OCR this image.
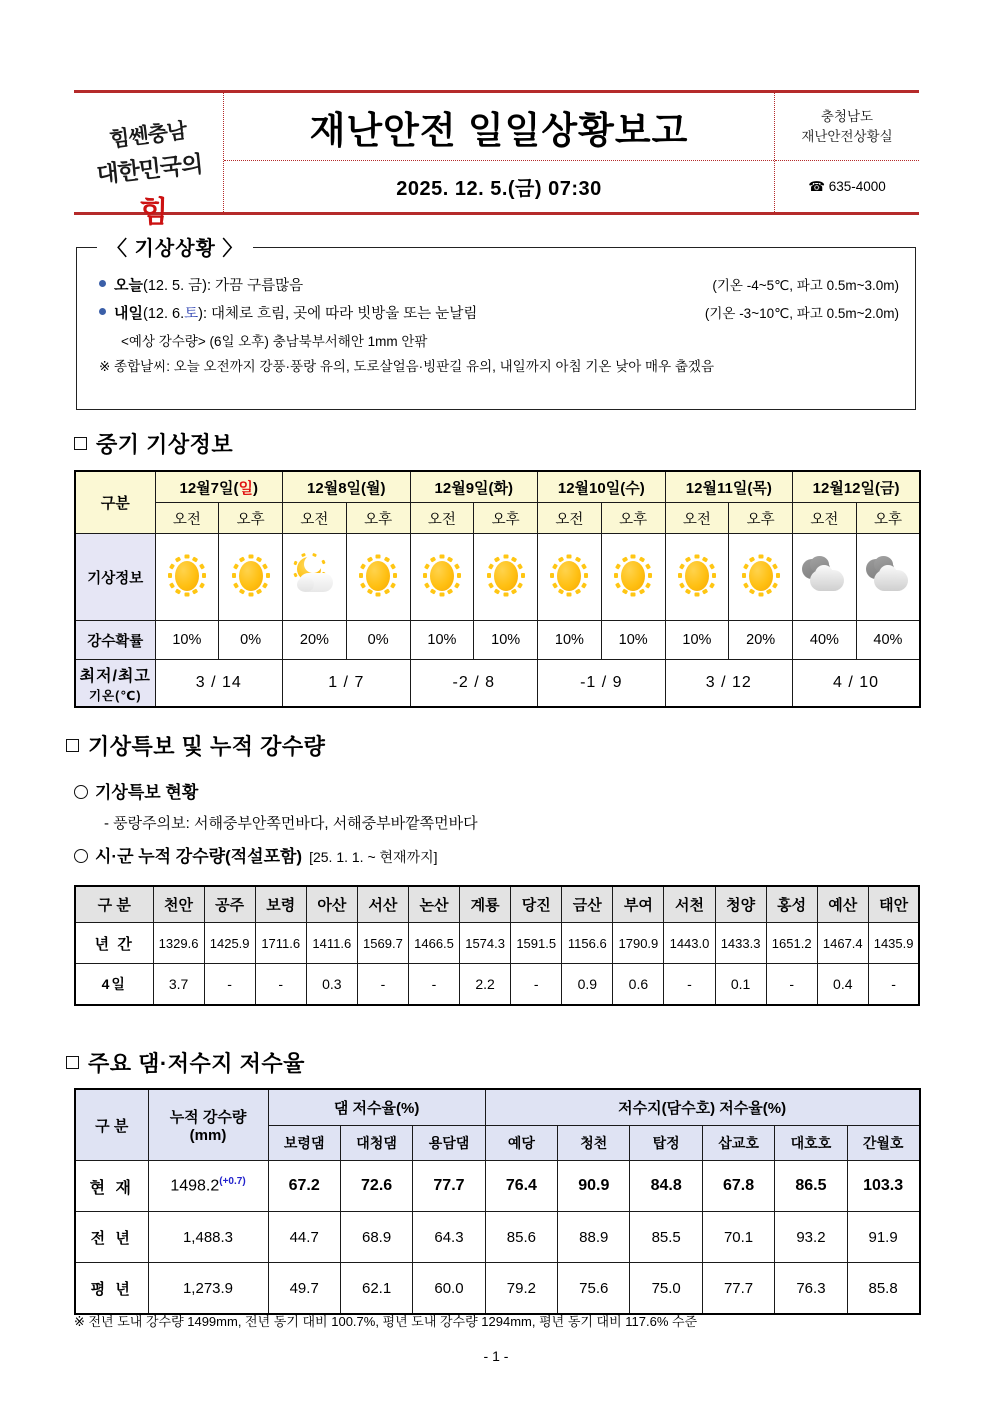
힘쎈충남
대한민국의힘
재난안전 일일상황보고
2025. 12. 5.(금) 07:30
충청남도
재난안전상황실
☎ 635-4000
〈 기상상황 〉
오늘 (12. 5. 금) : 가끔 구름많음	(기온 -4~5℃, 파고 0.5m~3.0m)
내일 (12. 6. 토 ) : 대체로 흐림, 곳에 따라 빗방울 또는 눈날림	(기온 -3~10℃, 파고 0.5m~2.0m)
<예상 강수량> (6일 오후) 충남북부서해안 1mm 안팎
※ 종합날씨: 오늘 오전까지 강풍·풍랑 유의, 도로살얼음·빙판길 유의, 내일까지 아침 기온 낮아 매우 춥겠음
중기 기상정보
구분	12월7일(일)		12월8일(월)		12월9일(화)		12월10일(수)		12월11일(목)		12월12일(금)	
	오전	오후	오전	오후	오전	오후	오전	오후	오전	오후	오전	오후
기상정보	

강수확률	10%	0%	20%	0%	10%	10%	10%	10%	10%	20%	40%	40%

최저/최고
기온(℃)	3 / 14		1 / 7		-2 / 8		-1 / 9		3 / 12		4 / 10	
기상특보 및 누적 강수량
기상특보 현황
- 풍랑주의보: 서해중부안쪽먼바다, 서해중부바깥쪽먼바다
시·군 누적 강수량(적설포함) [25. 1. 1. ~ 현재까지]
구 분	천안	공주	보령	아산	서산	논산	계룡	당진	금산	부여	서천	청양	홍성	예산	태안
년 간	1329.6	1425.9	1711.6	1411.6	1569.7	1466.5	1574.3	1591.5	1156.6	1790.9	1443.0	1433.3	1651.2	1467.4	1435.9
4일	3.7	-	-	0.3	-	-	2.2	-	0.9	0.6	-	0.1	-	0.4	-
주요 댐·저수지 저수율
구 분	누적 강수량
(mm)	댐 저수율(%)			저수지(담수호) 저수율(%)					
		보령댐	대청댐	용담댐	예당	청천	탑정	삽교호	대호호	간월호
현 재	$1498.2^{(+0.7)}$	67.2	72.6	77.7	76.4	90.9	84.8	67.8	86.5	103.3
전 년	1,488.3	44.7	68.9	64.3	85.6	88.9	85.5	70.1	93.2	91.9
평 년	1,273.9	49.7	62.1	60.0	79.2	75.6	75.0	77.7	76.3	85.8
※ 전년 도내 강수량 1499mm, 전년 동기 대비 100.7%, 평년 도내 강수량 1294mm, 평년 동기 대비 117.6% 수준
- 1 -
